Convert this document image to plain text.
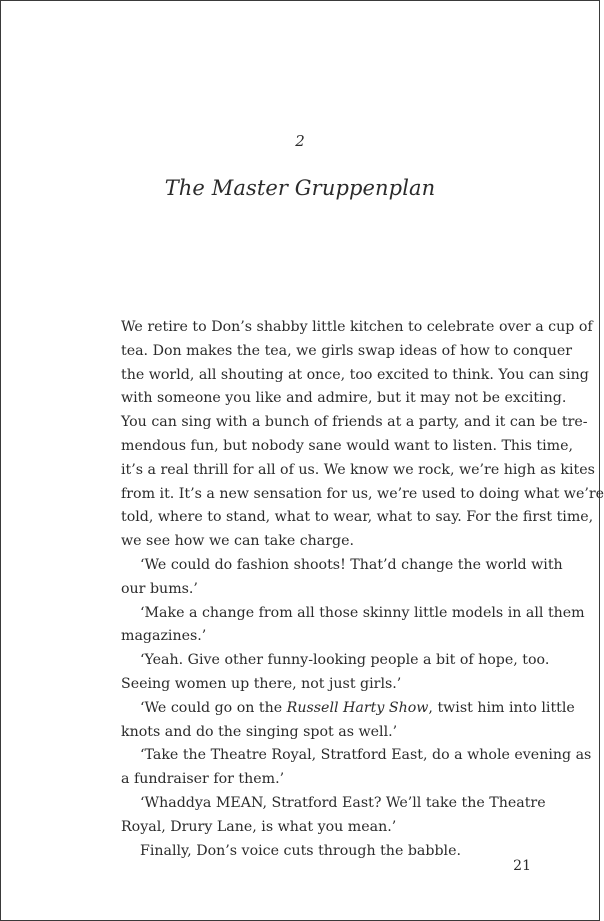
2
The Master Gruppenplan
We retire to Don’s shabby little kitchen to celebrate over a cup of
tea. Don makes the tea, we girls swap ideas of how to conquer
the world, all shouting at once, too excited to think. You can sing
with someone you like and admire, but it may not be exciting.
You can sing with a bunch of friends at a party, and it can be tre-
mendous fun, but nobody sane would want to listen. This time,
it’s a real thrill for all of us. We know we rock, we’re high as kites
from it. It’s a new sensation for us, we’re used to doing what we’re
told, where to stand, what to wear, what to say. For the first time,
we see how we can take charge.
‘We could do fashion shoots! That’d change the world with
our bums.’
‘Make a change from all those skinny little models in all them
magazines.’
‘Yeah. Give other funny-looking people a bit of hope, too.
Seeing women up there, not just girls.’
‘We could go on the Russell Harty Show, twist him into little
knots and do the singing spot as well.’
‘Take the Theatre Royal, Stratford East, do a whole evening as
a fundraiser for them.’
‘Whaddya MEAN, Stratford East? We’ll take the Theatre
Royal, Drury Lane, is what you mean.’
Finally, Don’s voice cuts through the babble.
21
